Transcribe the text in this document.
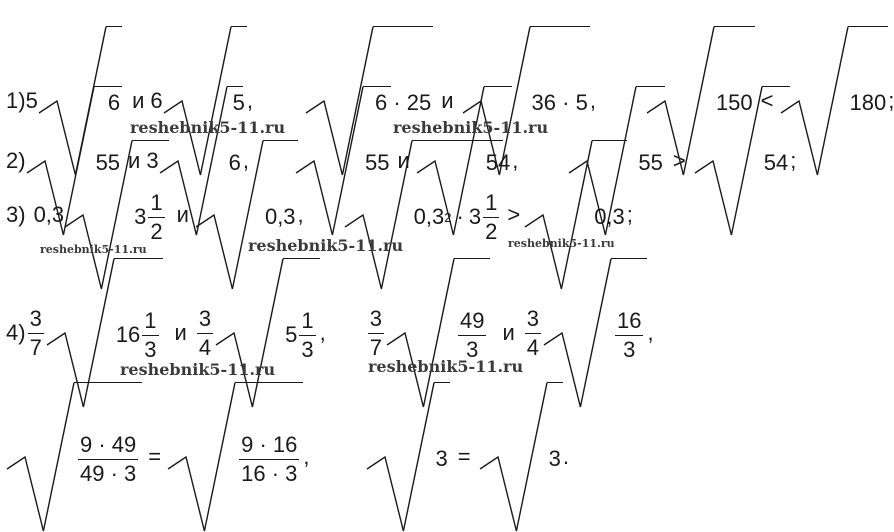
1) 5	6 и 6	5 ,	6 · 25 и	36 · 5 ,	150 <	180 ;
2)	55 и 3	6 ,	55 и	54 ,	55 >	54 ;
3) 0,3	$3 \frac{1}{2}$ и	0,3 ,	0,3 $2 \cdot 3 \frac{1}{2}$ >	0,3 ;
$4) \frac{3}{7}$	$16 \frac{1}{3}$ и $\frac{3}{4}$	$5 \frac{1}{3}$ , $\frac{3}{7}$	$\frac{49}{3}$ и $\frac{3}{4}$	$\frac{16}{3}$ ,
$\frac{9 \cdot 49}{49 \cdot 3}$ =	$\frac{9 \cdot 16}{16 \cdot 3}$ ,	3 =	3 .
reshebnik5-11.ru	reshebnik5-11.ru
reshebnik5-11.ru	reshebnik5-11.ru	reshebnik5-11.ru
reshebnik5-11.ru	reshebnik5-11.ru
